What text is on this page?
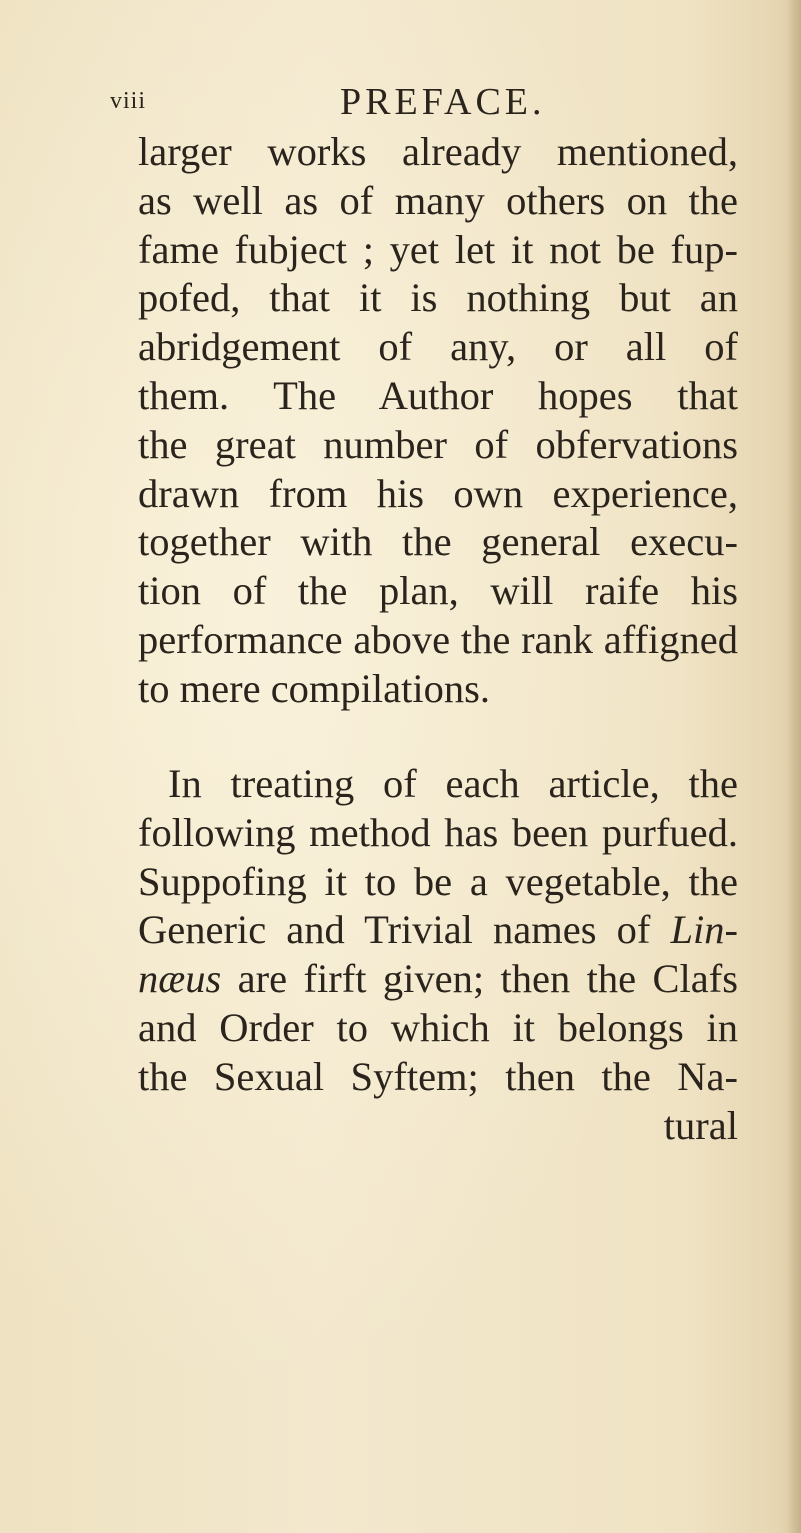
viii	PREFACE.
larger works already mentioned,
as well as of many others on the
fame fubject ; yet let it not be fup-
pofed, that it is nothing but an
abridgement of any, or all of
them. The Author hopes that
the great number of obfervations
drawn from his own experience,
together with the general execu-
tion of the plan, will raife his
performance above the rank affigned
to mere compilations.
In treating of each article, the
following method has been purfued.
Suppofing it to be a vegetable, the
Generic and Trivial names of Lin-
næus are firft given; then the Clafs
and Order to which it belongs in
the Sexual Syftem; then the Na-
tural
